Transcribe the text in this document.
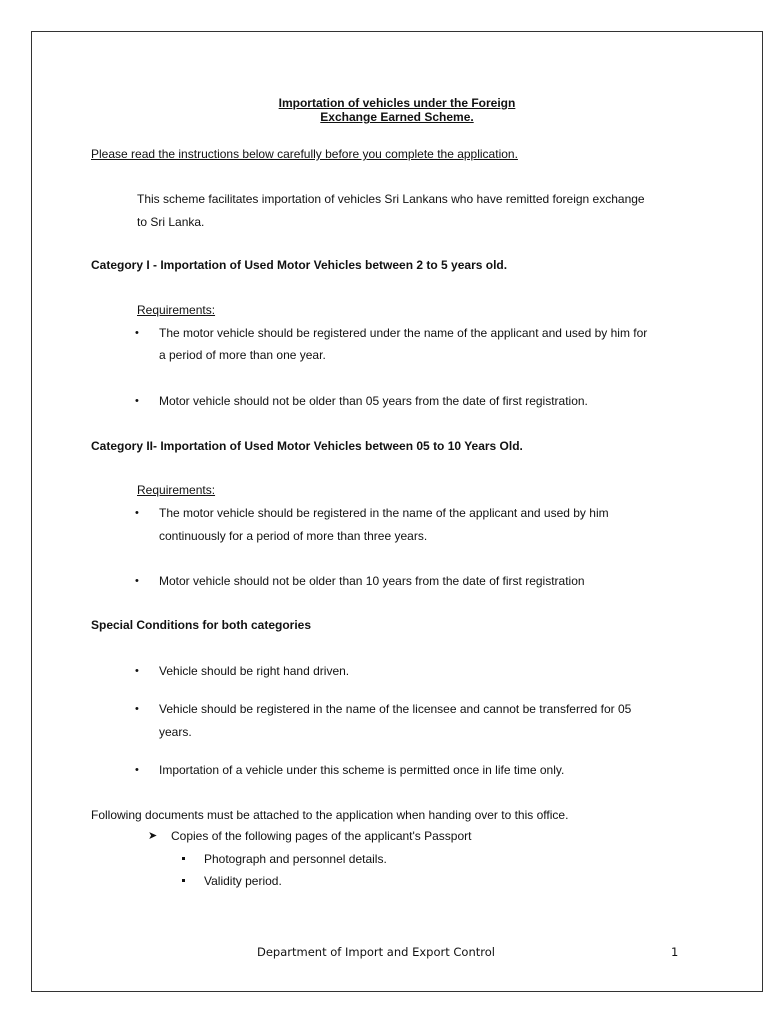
Importation of vehicles under the Foreign
Exchange Earned Scheme.
Please read the instructions below carefully before you complete the application.
This scheme facilitates importation of vehicles Sri Lankans who have remitted foreign exchange
to Sri Lanka.
Category I - Importation of Used Motor Vehicles between 2 to 5 years old.
Requirements:
• The motor vehicle should be registered under the name of the applicant and used by him for
a period of more than one year.
• Motor vehicle should not be older than 05 years from the date of first registration.
Category II- Importation of Used Motor Vehicles between 05 to 10 Years Old.
Requirements:
• The motor vehicle should be registered in the name of the applicant and used by him
continuously for a period of more than three years.
• Motor vehicle should not be older than 10 years from the date of first registration
Special Conditions for both categories
• Vehicle should be right hand driven.
• Vehicle should be registered in the name of the licensee and cannot be transferred for 05
years.
• Importation of a vehicle under this scheme is permitted once in life time only.
Following documents must be attached to the application when handing over to this office.
➤ Copies of the following pages of the applicant's Passport
Photograph and personnel details.
Validity period.
Department of Import and Export Control	1
